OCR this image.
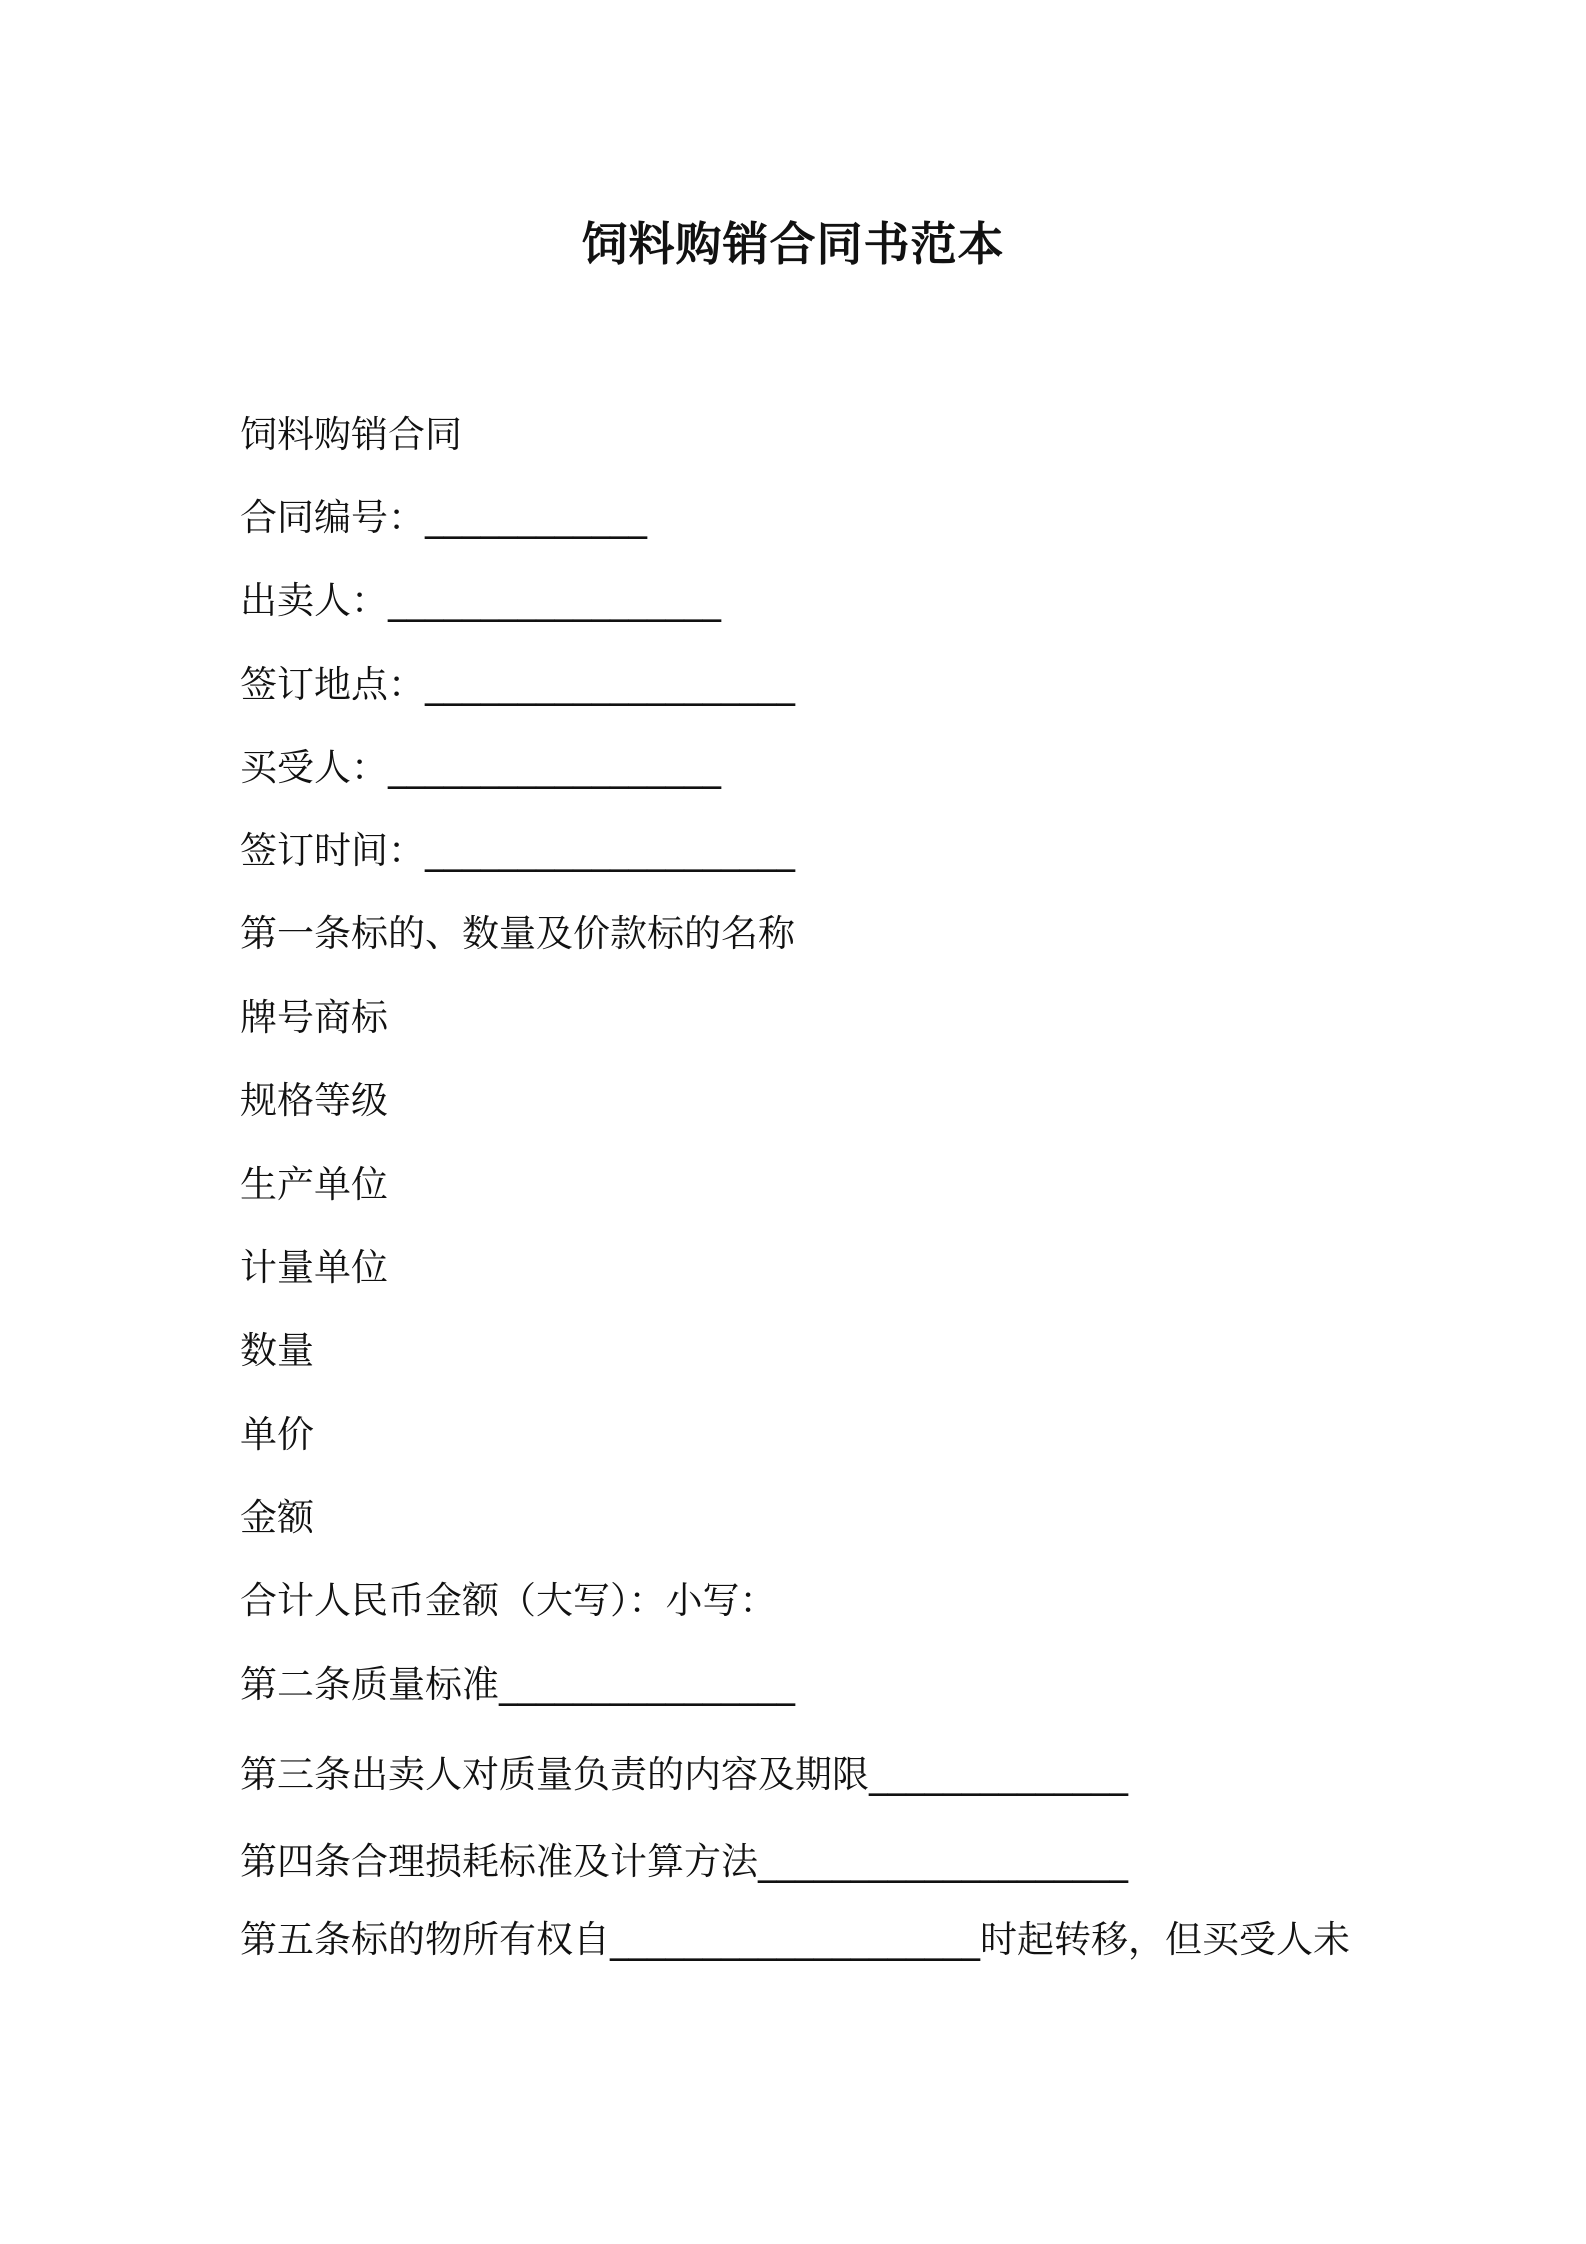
饲料购销合同书范本
饲料购销合同
合同编号：____________
出卖人：__________________
签订地点：____________________
买受人：__________________
签订时间：____________________
第一条标的、数量及价款标的名称
牌号商标
规格等级
生产单位
计量单位
数量
单价
金额
合计人民币金额（大写）：小写：
第二条质量标准________________
第三条出卖人对质量负责的内容及期限______________
第四条合理损耗标准及计算方法____________________
第五条标的物所有权自____________________时起转移，但买受人未
